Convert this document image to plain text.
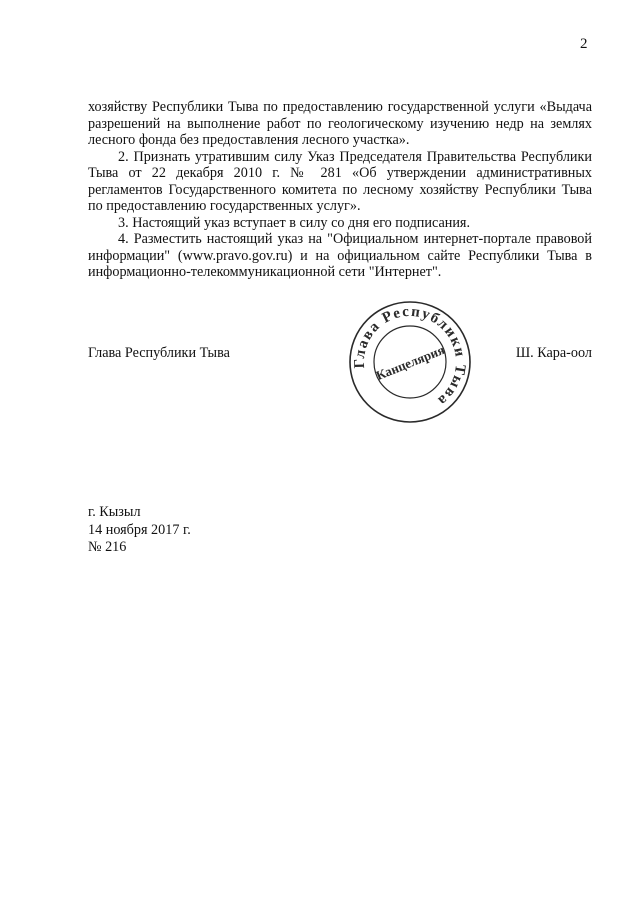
2

хозяйству Республики Тыва по предоставлению государственной услуги «Выдача разрешений на выполнение работ по геологическому изучению недр на землях лесного фонда без предоставления лесного участка».

2. Признать утратившим силу Указ Председателя Правительства Республики Тыва от 22 декабря 2010 г. № 281 «Об утверждении административных регламентов Государственного комитета по лесному хозяйству Республики Тыва по предоставлению государственных услуг».

3. Настоящий указ вступает в силу со дня его подписания.

4. Разместить настоящий указ на "Официальном интернет-портале правовой информации" (www.pravo.gov.ru) и на официальном сайте Республики Тыва в информационно-телекоммуникационной сети "Интернет".

Глава Республики Тыва	Ш. Кара-оол
Глава Республики Тыва
Канцелярия
г. Кызыл
14 ноября 2017 г.
№ 216
